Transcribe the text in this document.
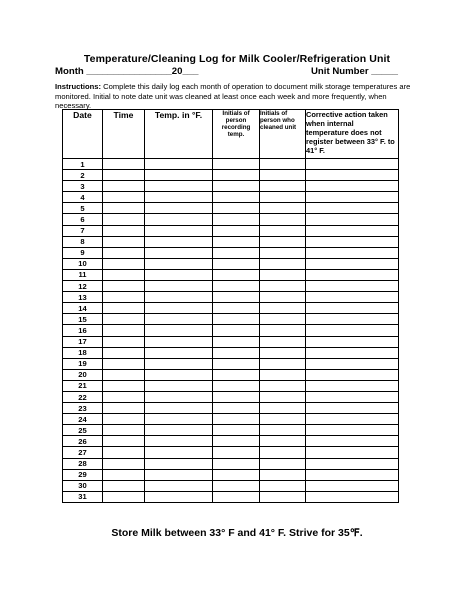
Temperature/Cleaning Log for Milk Cooler/Refrigeration Unit
Month ________________20___	Unit Number _____
Instructions: Complete this daily log each month of operation to document milk storage temperatures are monitored. Initial to note date unit was cleaned at least once each week and more frequently, when necessary.
Date	Time	Temp. in °F.	Initials of person recording temp.	Initials of person who cleaned unit	Corrective action taken when internal temperature does not register between 33° F. to 41° F.
1					
2					
3					
4					
5					
6					
7					
8					
9					
10					
11					
12					
13					
14					
15					
16					
17					
18					
19					
20					
21					
22					
23					
24					
25					
26					
27					
28					
29					
30					
31					
Store Milk between 33° F and 41° F. Strive for 35℉.
